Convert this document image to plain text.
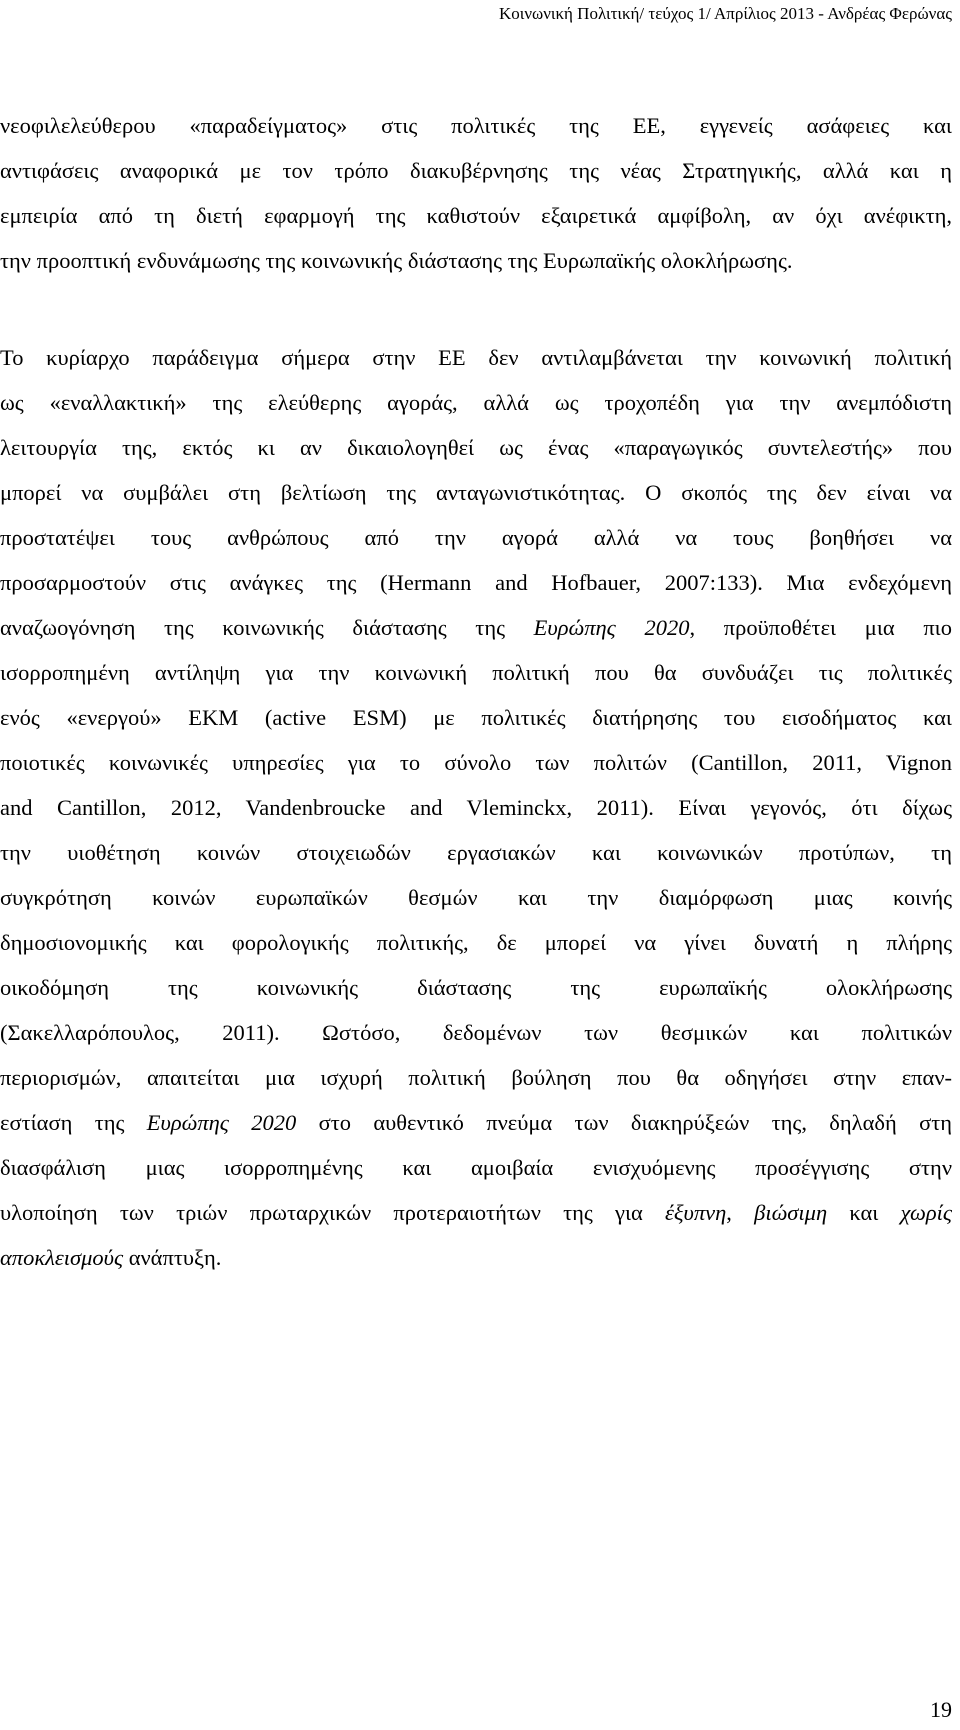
Κοινωνική Πολιτική/ τεύχος 1/ Απρίλιος 2013 - Ανδρέας Φερώνας
νεοφιλελεύθερου «παραδείγματος» στις πολιτικές της ΕΕ, εγγενείς ασάφειες και
αντιφάσεις αναφορικά με τον τρόπο διακυβέρνησης της νέας Στρατηγικής, αλλά και η
εμπειρία από τη διετή εφαρμογή της καθιστούν εξαιρετικά αμφίβολη, αν όχι ανέφικτη,
την προοπτική ενδυνάμωσης της κοινωνικής διάστασης της Ευρωπαϊκής ολοκλήρωσης.
Το κυρίαρχο παράδειγμα σήμερα στην ΕΕ δεν αντιλαμβάνεται την κοινωνική πολιτική
ως «εναλλακτική» της ελεύθερης αγοράς, αλλά ως τροχοπέδη για την ανεμπόδιστη
λειτουργία της, εκτός κι αν δικαιολογηθεί ως ένας «παραγωγικός συντελεστής» που
μπορεί να συμβάλει στη βελτίωση της ανταγωνιστικότητας. Ο σκοπός της δεν είναι να
προστατέψει τους ανθρώπους από την αγορά αλλά να τους βοηθήσει να
προσαρμοστούν στις ανάγκες της (Hermann and Hofbauer, 2007:133). Μια ενδεχόμενη
αναζωογόνηση της κοινωνικής διάστασης της Ευρώπης 2020, προϋποθέτει μια πιο
ισορροπημένη αντίληψη για την κοινωνική πολιτική που θα συνδυάζει τις πολιτικές
ενός «ενεργού» ΕΚΜ (active ESM) με πολιτικές διατήρησης του εισοδήματος και
ποιοτικές κοινωνικές υπηρεσίες για το σύνολο των πολιτών (Cantillon, 2011, Vignon
and Cantillon, 2012, Vandenbroucke and Vleminckx, 2011). Είναι γεγονός, ότι δίχως
την υιοθέτηση κοινών στοιχειωδών εργασιακών και κοινωνικών προτύπων, τη
συγκρότηση κοινών ευρωπαϊκών θεσμών και την διαμόρφωση μιας κοινής
δημοσιονομικής και φορολογικής πολιτικής, δε μπορεί να γίνει δυνατή η πλήρης
οικοδόμηση της κοινωνικής διάστασης της ευρωπαϊκής ολοκλήρωσης
(Σακελλαρόπουλος, 2011). Ωστόσο, δεδομένων των θεσμικών και πολιτικών
περιορισμών, απαιτείται μια ισχυρή πολιτική βούληση που θα οδηγήσει στην επαν-
εστίαση της Ευρώπης 2020 στο αυθεντικό πνεύμα των διακηρύξεών της, δηλαδή στη
διασφάλιση μιας ισορροπημένης και αμοιβαία ενισχυόμενης προσέγγισης στην
υλοποίηση των τριών πρωταρχικών προτεραιοτήτων της για έξυπνη, βιώσιμη και χωρίς
αποκλεισμούς ανάπτυξη.
19
